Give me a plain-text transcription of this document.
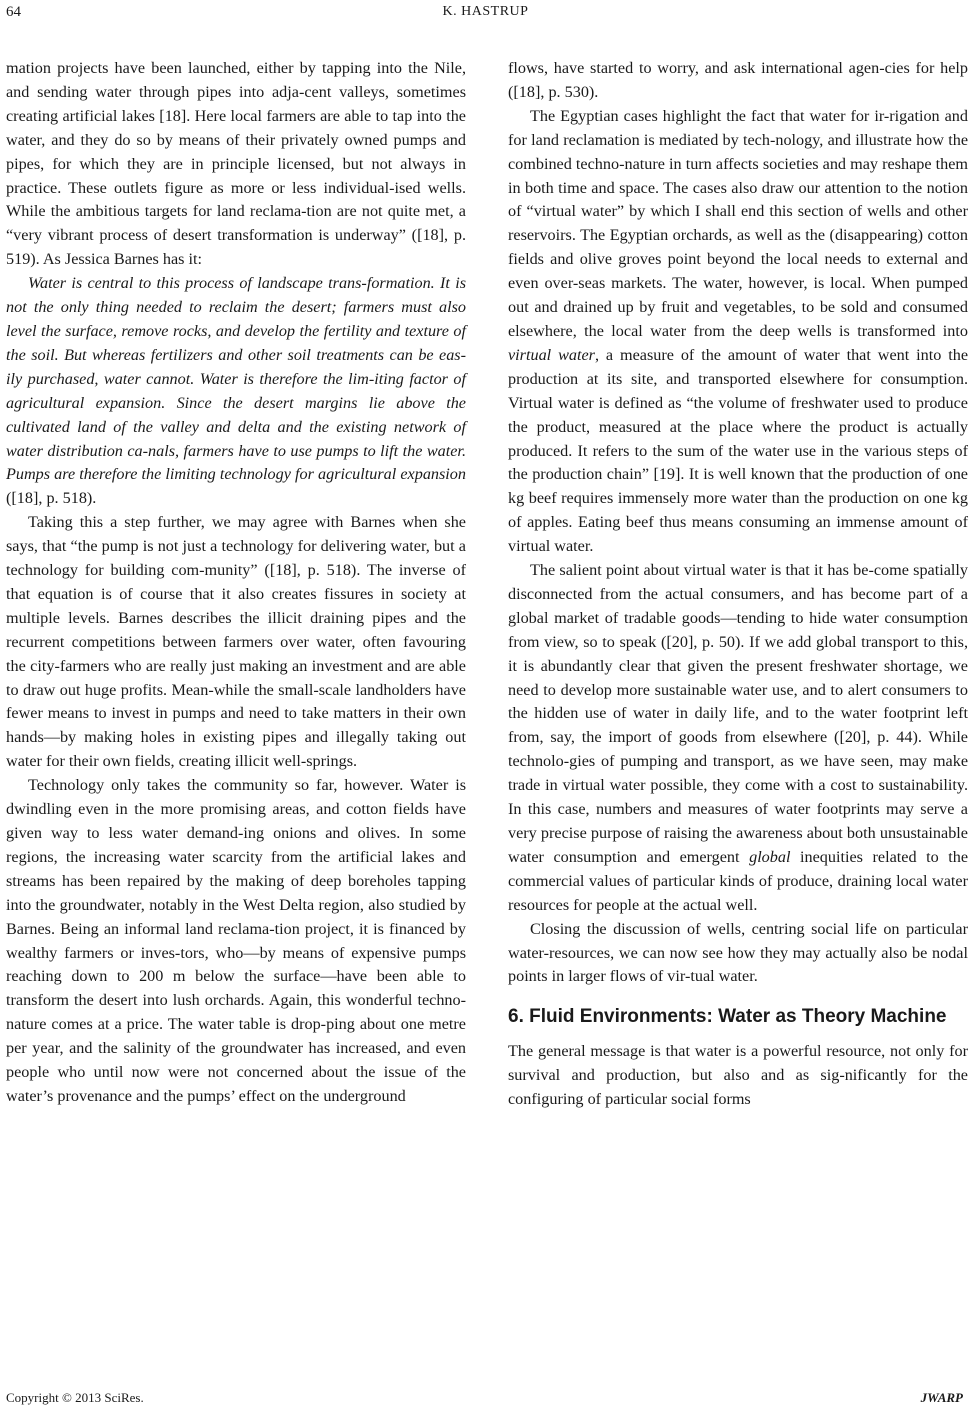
64	K. HASTRUP

mation projects have been launched, either by tapping into the Nile, and sending water through pipes into adja-cent valleys, sometimes creating artificial lakes [18]. Here local farmers are able to tap into the water, and they do so by means of their privately owned pumps and pipes, for which they are in principle licensed, but not always in practice. These outlets figure as more or less individual-ised wells. While the ambitious targets for land reclama-tion are not quite met, a “very vibrant process of desert transformation is underway” ([18], p. 519). As Jessica Barnes has it:

Water is central to this process of landscape trans-formation. It is not the only thing needed to reclaim the desert; farmers must also level the surface, remove rocks, and develop the fertility and texture of the soil. But whereas fertilizers and other soil treatments can be eas-ily purchased, water cannot. Water is therefore the lim-iting factor of agricultural expansion. Since the desert margins lie above the cultivated land of the valley and delta and the existing network of water distribution ca-nals, farmers have to use pumps to lift the water. Pumps are therefore the limiting technology for agricultural expansion ([18], p. 518).

Taking this a step further, we may agree with Barnes when she says, that “the pump is not just a technology for delivering water, but a technology for building com-munity” ([18], p. 518). The inverse of that equation is of course that it also creates fissures in society at multiple levels. Barnes describes the illicit draining pipes and the recurrent competitions between farmers over water, often favouring the city-farmers who are really just making an investment and are able to draw out huge profits. Mean-while the small-scale landholders have fewer means to invest in pumps and need to take matters in their own hands—by making holes in existing pipes and illegally taking out water for their own fields, creating illicit well-springs.

Technology only takes the community so far, however. Water is dwindling even in the more promising areas, and cotton fields have given way to less water demand-ing onions and olives. In some regions, the increasing water scarcity from the artificial lakes and streams has been repaired by the making of deep boreholes tapping into the groundwater, notably in the West Delta region, also studied by Barnes. Being an informal land reclama-tion project, it is financed by wealthy farmers or inves-tors, who—by means of expensive pumps reaching down to 200 m below the surface—have been able to transform the desert into lush orchards. Again, this wonderful techno-nature comes at a price. The water table is drop-ping about one metre per year, and the salinity of the groundwater has increased, and even people who until now were not concerned about the issue of the water’s provenance and the pumps’ effect on the underground

flows, have started to worry, and ask international agen-cies for help ([18], p. 530).

The Egyptian cases highlight the fact that water for ir-rigation and for land reclamation is mediated by tech-nology, and illustrate how the combined techno-nature in turn affects societies and may reshape them in both time and space. The cases also draw our attention to the notion of “virtual water” by which I shall end this section of wells and other reservoirs. The Egyptian orchards, as well as the (disappearing) cotton fields and olive groves point beyond the local needs to external and even over-seas markets. The water, however, is local. When pumped out and drained up by fruit and vegetables, to be sold and consumed elsewhere, the local water from the deep wells is transformed into virtual water, a measure of the amount of water that went into the production at its site, and transported elsewhere for consumption. Virtual water is defined as “the volume of freshwater used to produce the product, measured at the place where the product is actually produced. It refers to the sum of the water use in the various steps of the production chain” [19]. It is well known that the production of one kg beef requires immensely more water than the production on one kg of apples. Eating beef thus means consuming an immense amount of virtual water.

The salient point about virtual water is that it has be-come spatially disconnected from the actual consumers, and has become part of a global market of tradable goods—tending to hide water consumption from view, so to speak ([20], p. 50). If we add global transport to this, it is abundantly clear that given the present freshwater shortage, we need to develop more sustainable water use, and to alert consumers to the hidden use of water in daily life, and to the water footprint left from, say, the import of goods from elsewhere ([20], p. 44). While technolo-gies of pumping and transport, as we have seen, may make trade in virtual water possible, they come with a cost to sustainability. In this case, numbers and measures of water footprints may serve a very precise purpose of raising the awareness about both unsustainable water consumption and emergent global inequities related to the commercial values of particular kinds of produce, draining local water resources for people at the actual well.

Closing the discussion of wells, centring social life on particular water-resources, we can now see how they may actually also be nodal points in larger flows of vir-tual water.

6. Fluid Environments: Water as Theory Machine

The general message is that water is a powerful resource, not only for survival and production, but also and as sig-nificantly for the configuring of particular social forms

Copyright © 2013 SciRes.	JWARP
